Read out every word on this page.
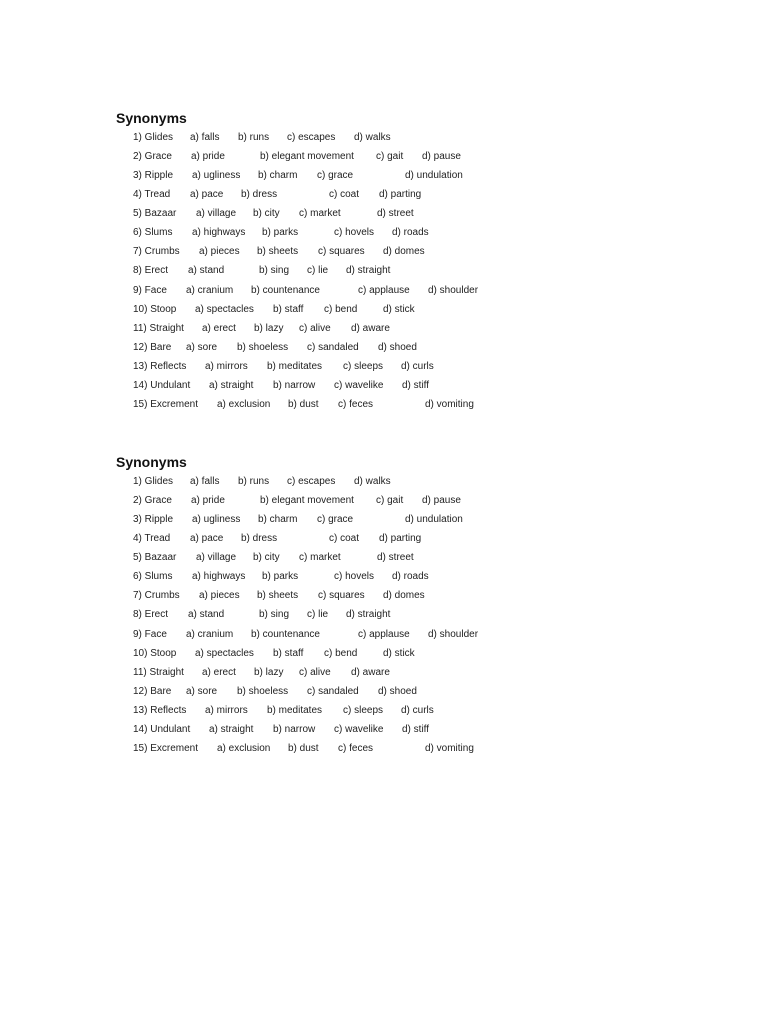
Synonyms
1) Glides a) falls b) runs c) escapes d) walks
2) Grace a) pride	b) elegant movement c) gait d) pause
3) Ripple a) ugliness b) charm c) grace	d) undulation
4) Tread a) pace b) dress	c) coat d) parting
5) Bazaar a) village b) city c) market	d) street
6) Slums a) highways b) parks	c) hovels d) roads
7) Crumbs a) pieces b) sheets c) squares d) domes
8) Erect a) stand	b) sing c) lie d) straight
9) Face a) cranium b) countenance	c) applause d) shoulder
10) Stoop a) spectacles b) staff c) bend	d) stick
11) Straight a) erect b) lazy c) alive d) aware
12) Bare a) sore b) shoeless c) sandaled d) shoed
13) Reflects a) mirrors b) meditates c) sleeps d) curls
14) Undulant a) straight b) narrow c) wavelike d) stiff
15) Excrement a) exclusion b) dust c) feces	d) vomiting
Synonyms
1) Glides a) falls b) runs c) escapes d) walks
2) Grace a) pride	b) elegant movement c) gait d) pause
3) Ripple a) ugliness b) charm c) grace	d) undulation
4) Tread a) pace b) dress	c) coat d) parting
5) Bazaar a) village b) city c) market	d) street
6) Slums a) highways b) parks	c) hovels d) roads
7) Crumbs a) pieces b) sheets c) squares d) domes
8) Erect a) stand	b) sing c) lie d) straight
9) Face a) cranium b) countenance	c) applause d) shoulder
10) Stoop a) spectacles b) staff c) bend	d) stick
11) Straight a) erect b) lazy c) alive d) aware
12) Bare a) sore b) shoeless c) sandaled d) shoed
13) Reflects a) mirrors b) meditates c) sleeps d) curls
14) Undulant a) straight b) narrow c) wavelike d) stiff
15) Excrement a) exclusion b) dust c) feces	d) vomiting
